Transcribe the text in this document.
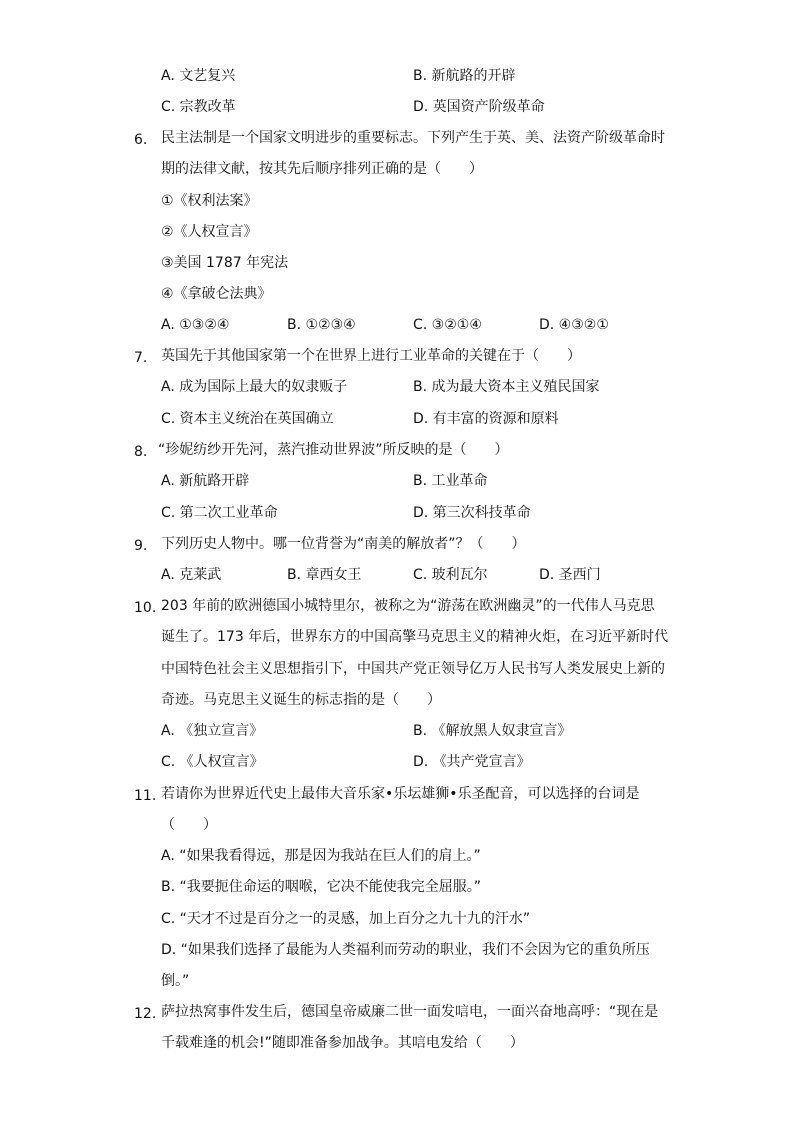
A. 文艺复兴	B. 新航路的开辟
C. 宗教改革	D. 英国资产阶级革命
6. 民主法制是一个国家文明进步的重要标志。下列产生于英、美、法资产阶级革命时
期的法律文献，按其先后顺序排列正确的是（　　）
①《权利法案》
②《人权宣言》
③美国 1787 年宪法
④《拿破仑法典》
A. ①③②④	B. ①②③④	C. ③②①④	D. ④③②①
7. 英国先于其他国家第一个在世界上进行工业革命的关键在于（　　）
A. 成为国际上最大的奴隶贩子	B. 成为最大资本主义殖民国家
C. 资本主义统治在英国确立	D. 有丰富的资源和原料
8. “珍妮纺纱开先河，蒸汽推动世界波”所反映的是（　　）
A. 新航路开辟	B. 工业革命
C. 第二次工业革命	D. 第三次科技革命
9. 下列历史人物中。哪一位背誉为“南美的解放者”？（　　）
A. 克莱武	B. 章西女王	C. 玻利瓦尔	D. 圣西门
10. 203 年前的欧洲德国小城特里尔，被称之为“游荡在欧洲幽灵”的一代伟人马克思
诞生了。173 年后，世界东方的中国高擎马克思主义的精神火炬，在习近平新时代
中国特色社会主义思想指引下，中国共产党正领导亿万人民书写人类发展史上新的
奇迹。马克思主义诞生的标志指的是（　　）
A. 《独立宣言》	B. 《解放黑人奴隶宣言》
C. 《人权宣言》	D. 《共产党宣言》
11. 若请你为世界近代史上最伟大音乐家•乐坛雄狮•乐圣配音，可以选择的台词是
（　　）
A. “如果我看得远，那是因为我站在巨人们的肩上。”
B. “我要扼住命运的咽喉，它决不能使我完全屈服。”
C. “天才不过是百分之一的灵感，加上百分之九十九的汗水”
D. “如果我们选择了最能为人类福利而劳动的职业，我们不会因为它的重负所压
倒。”
12. 萨拉热窝事件发生后，德国皇帝威廉二世一面发唁电，一面兴奋地高呼：“现在是
千载难逢的机会!”随即准备参加战争。其唁电发给（　　）
